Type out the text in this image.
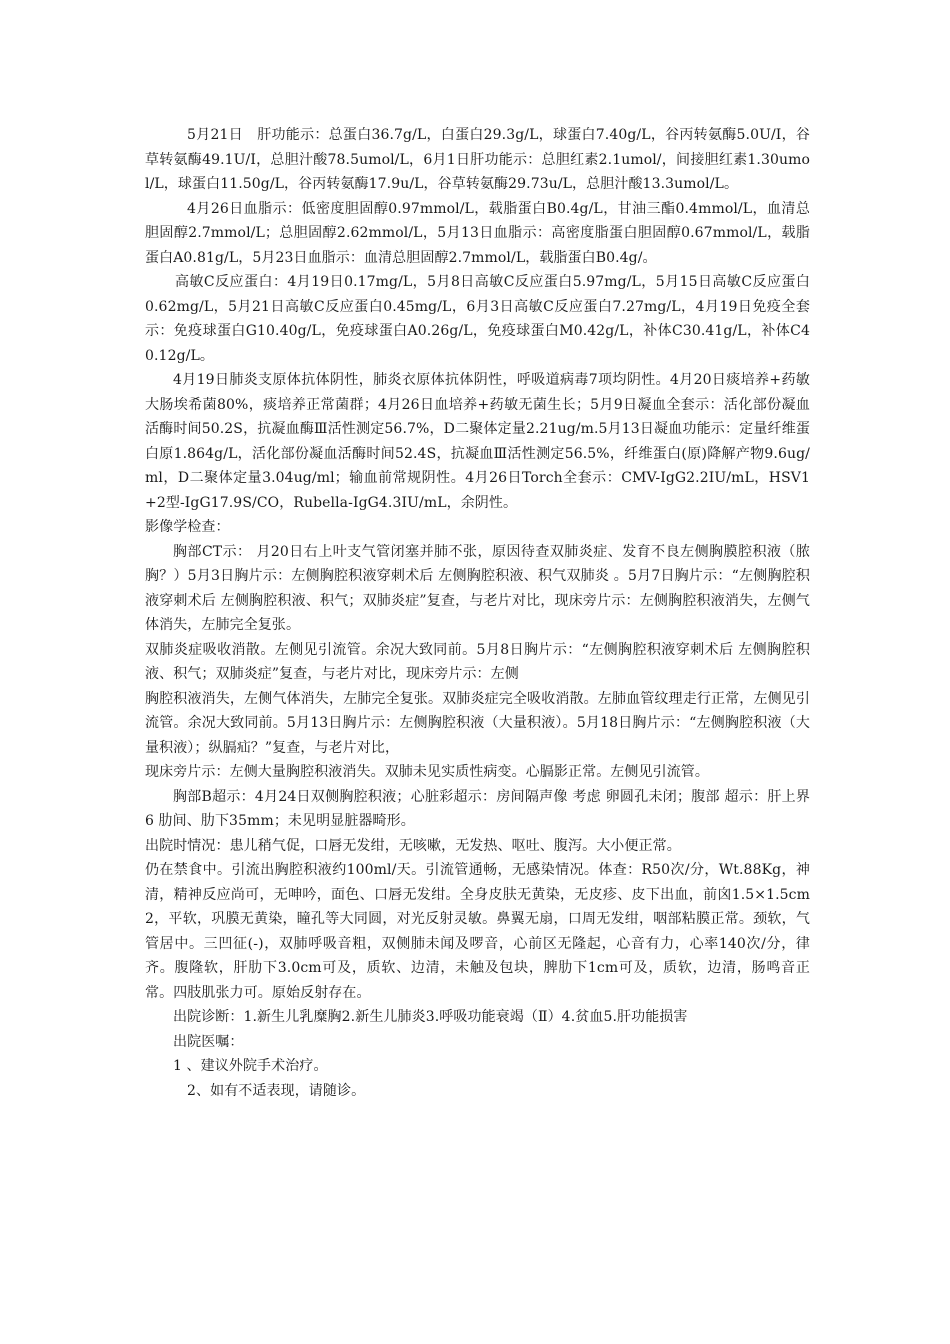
5月21日　肝功能示：总蛋白36.7g/L，白蛋白29.3g/L，球蛋白7.40g/L，谷丙转氨酶5.0U/I，谷草转氨酶49.1U/I，总胆汁酸78.5umol/L，6月1日肝功能示：总胆红素2.1umol/，间接胆红素1.30umol/L，球蛋白11.50g/L，谷丙转氨酶17.9u/L，谷草转氨酶29.73u/L，总胆汁酸13.3umol/L。

4月26日血脂示：低密度胆固醇0.97mmol/L，载脂蛋白B0.4g/L，甘油三酯0.4mmol/L，血清总胆固醇2.7mmol/L；总胆固醇2.62mmol/L，5月13日血脂示：高密度脂蛋白胆固醇0.67mmol/L，载脂蛋白A0.81g/L，5月23日血脂示：血清总胆固醇2.7mmol/L，载脂蛋白B0.4g/。

高敏C反应蛋白：4月19日0.17mg/L，5月8日高敏C反应蛋白5.97mg/L，5月15日高敏C反应蛋白0.62mg/L，5月21日高敏C反应蛋白0.45mg/L，6月3日高敏C反应蛋白7.27mg/L，4月19日免疫全套示：免疫球蛋白G10.40g/L，免疫球蛋白A0.26g/L，免疫球蛋白M0.42g/L，补体C30.41g/L，补体C40.12g/L。

4月19日肺炎支原体抗体阴性，肺炎衣原体抗体阴性，呼吸道病毒7项均阴性。4月20日痰培养+药敏大肠埃希菌80%，痰培养正常菌群；4月26日血培养+药敏无菌生长；5月9日凝血全套示：活化部份凝血活酶时间50.2S，抗凝血酶Ⅲ活性测定56.7%，D二聚体定量2.21ug/m.5月13日凝血功能示：定量纤维蛋白原1.864g/L，活化部份凝血活酶时间52.4S，抗凝血Ⅲ活性测定56.5%，纤维蛋白(原)降解产物9.6ug/ml，D二聚体定量3.04ug/ml；输血前常规阴性。4月26日Torch全套示：CMV-IgG2.2IU/mL，HSV1+2型-IgG17.9S/CO，Rubella-IgG4.3IU/mL，余阴性。

影像学检查：

胸部CT示： 月20日右上叶支气管闭塞并肺不张，原因待查双肺炎症、发育不良左侧胸膜腔积液（脓胸？）5月3日胸片示：左侧胸腔积液穿刺术后 左侧胸腔积液、积气双肺炎 。5月7日胸片示：“左侧胸腔积液穿刺术后 左侧胸腔积液、积气；双肺炎症”复查，与老片对比，现床旁片示：左侧胸腔积液消失，左侧气体消失，左肺完全复张。

双肺炎症吸收消散。左侧见引流管。余况大致同前。5月8日胸片示：“左侧胸腔积液穿刺术后 左侧胸腔积液、积气；双肺炎症”复查，与老片对比，现床旁片示：左侧

胸腔积液消失，左侧气体消失，左肺完全复张。双肺炎症完全吸收消散。左肺血管纹理走行正常，左侧见引流管。余况大致同前。5月13日胸片示：左侧胸腔积液（大量积液）。5月18日胸片示：“左侧胸腔积液（大量积液）；纵膈疝？”复查，与老片对比，

现床旁片示：左侧大量胸腔积液消失。双肺未见实质性病变。心膈影正常。左侧见引流管。

胸部B超示：4月24日双侧胸腔积液；心脏彩超示：房间隔声像 考虑 卵圆孔未闭；腹部 超示：肝上界 6 肋间、肋下35mm；未见明显脏器畸形。

出院时情况：患儿稍气促，口唇无发绀，无咳嗽，无发热、呕吐、腹泻。大小便正常。

仍在禁食中。引流出胸腔积液约100ml/天。引流管通畅，无感染情况。体查：R50次/分，Wt.88Kg，神清，精神反应尚可，无呻吟，面色、口唇无发绀。全身皮肤无黄染，无皮疹、皮下出血，前囟1.5×1.5cm2，平软，巩膜无黄染，瞳孔等大同圆，对光反射灵敏。鼻翼无扇，口周无发绀，咽部粘膜正常。颈软，气管居中。三凹征(-)，双肺呼吸音粗，双侧肺未闻及啰音，心前区无隆起，心音有力，心率140次/分，律齐。腹隆软，肝肋下3.0cm可及，质软、边清，未触及包块，脾肋下1cm可及，质软，边清，肠鸣音正常。四肢肌张力可。原始反射存在。

出院诊断：1.新生儿乳糜胸2.新生儿肺炎3.呼吸功能衰竭（Ⅱ）4.贫血5.肝功能损害

出院医嘱：

1 、建议外院手术治疗。

2、如有不适表现，请随诊。
